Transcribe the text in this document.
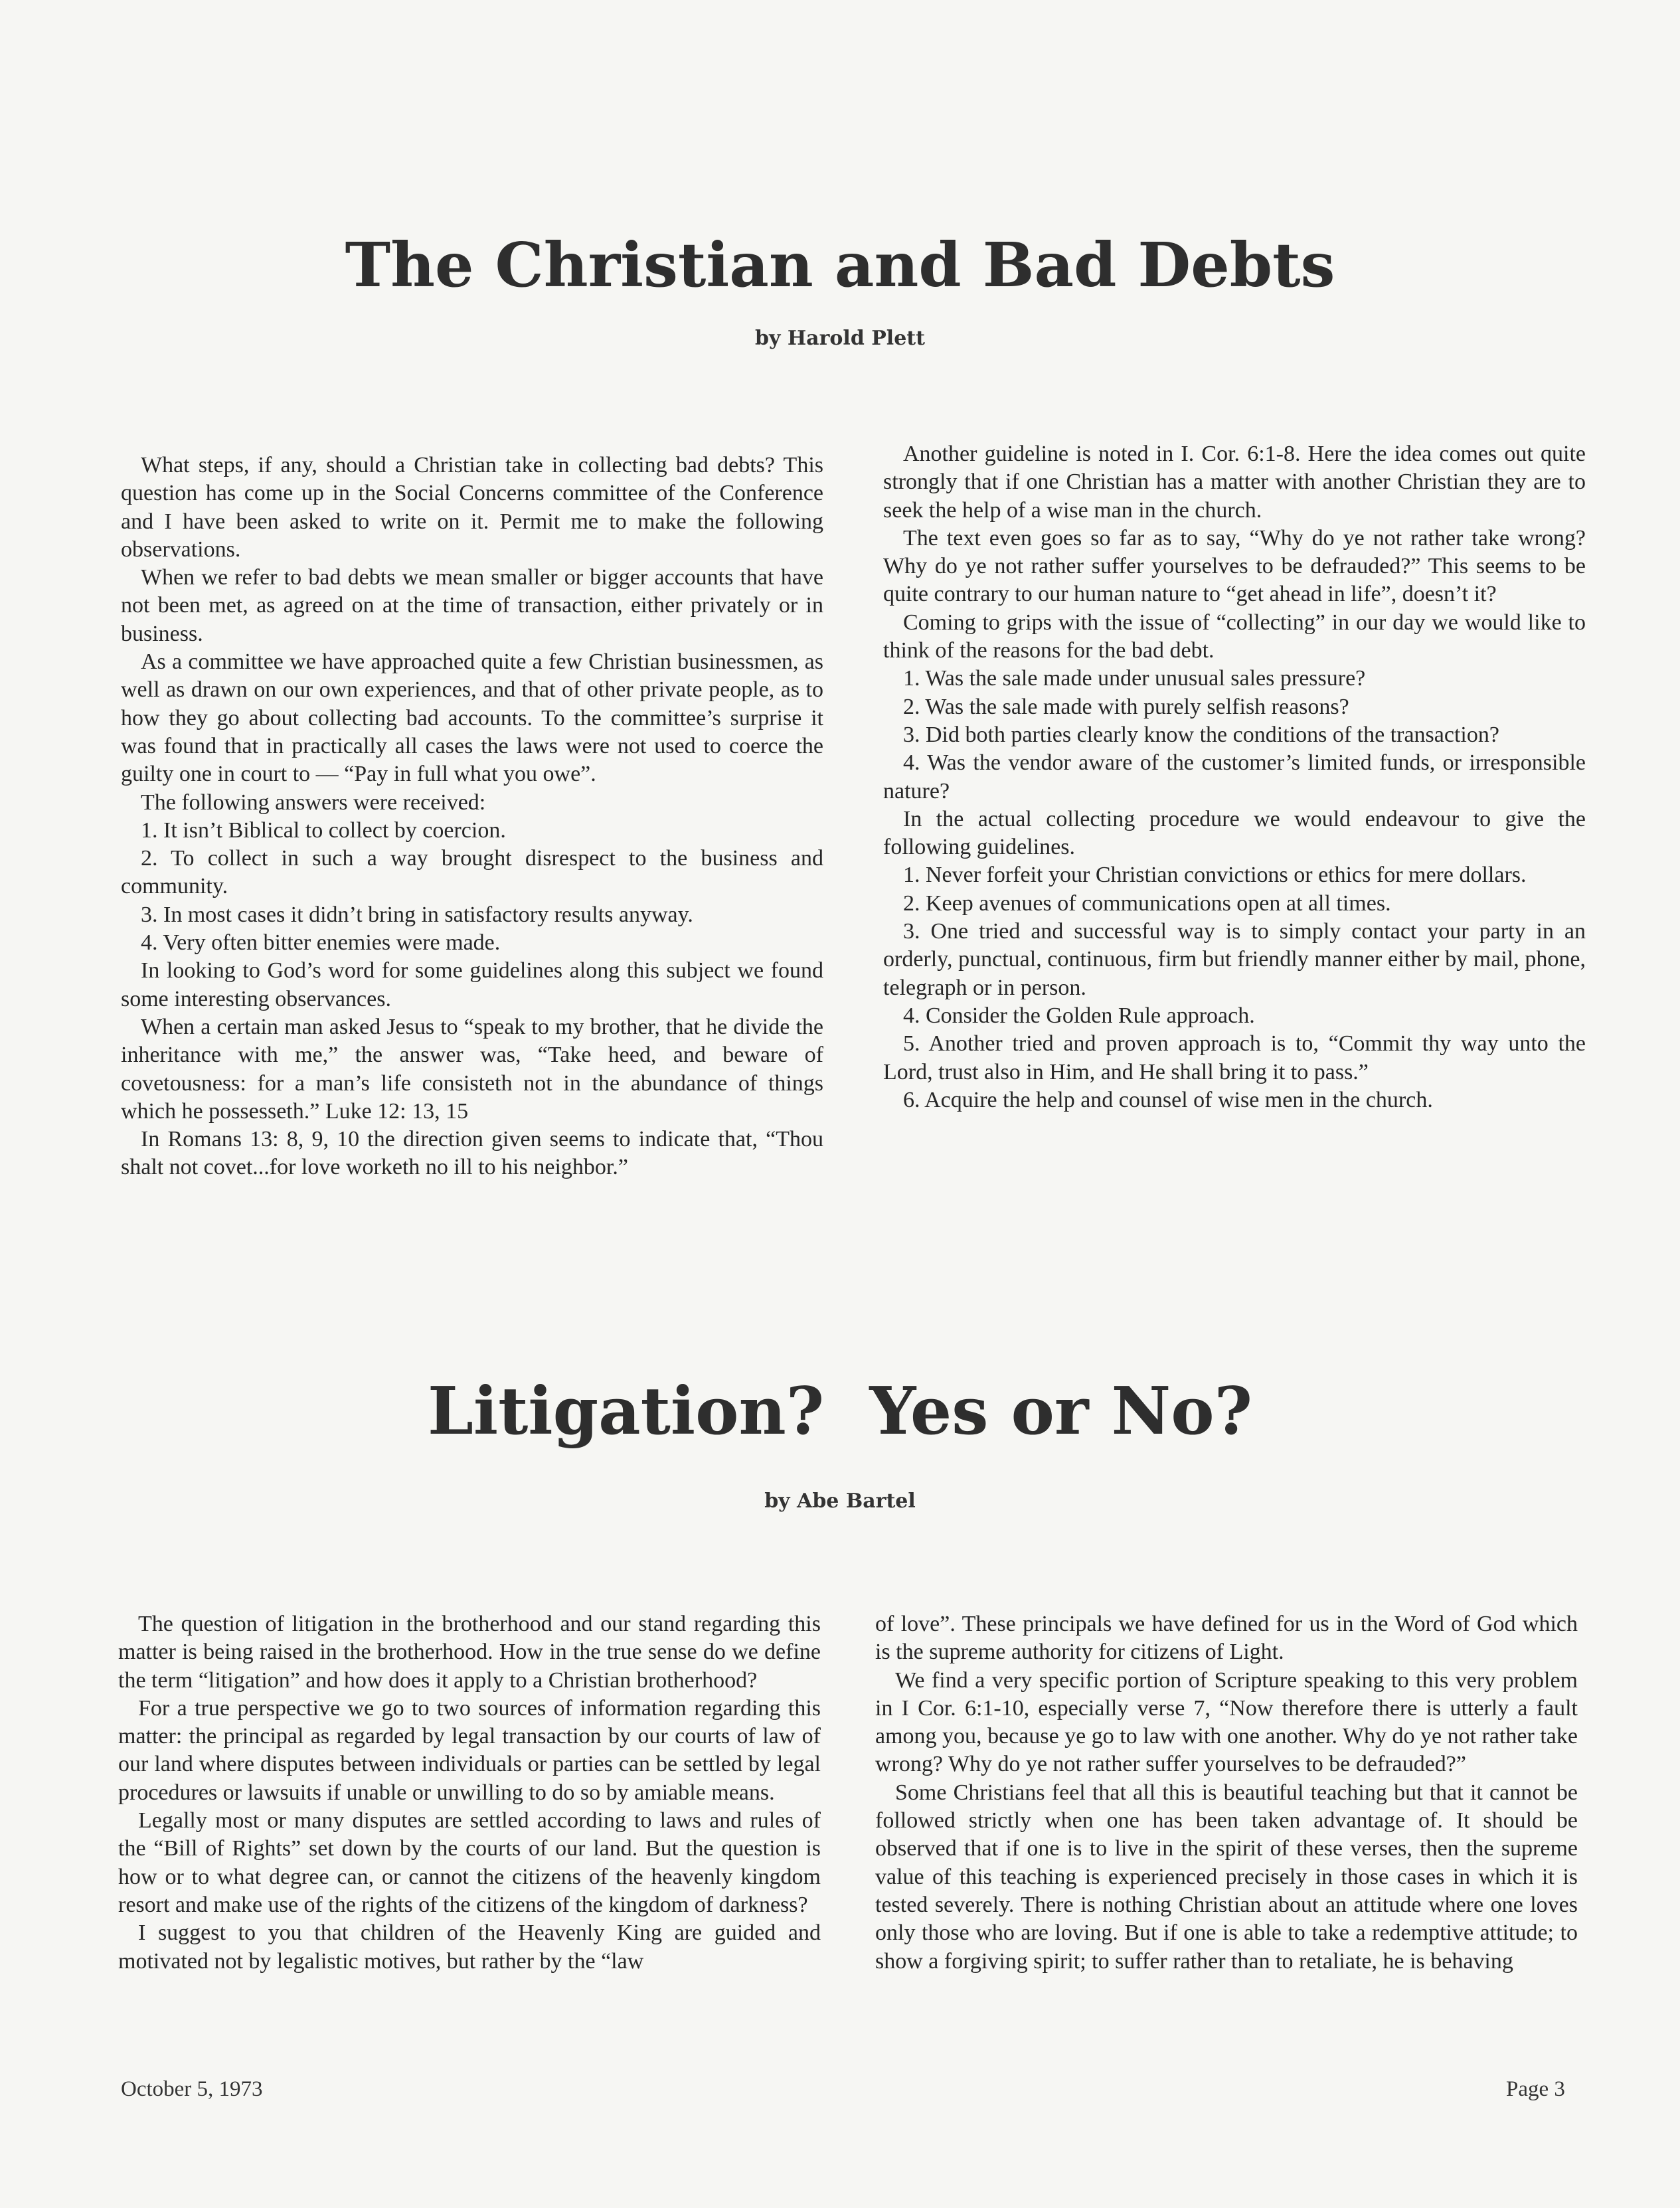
The Christian and Bad Debts
by Harold Plett

What steps, if any, should a Christian take in collecting bad debts? This question has come up in the Social Concerns committee of the Conference and I have been asked to write on it. Permit me to make the following observations.

When we refer to bad debts we mean smaller or bigger accounts that have not been met, as agreed on at the time of transaction, either privately or in business.

As a committee we have approached quite a few Christian businessmen, as well as drawn on our own experiences, and that of other private people, as to how they go about collecting bad accounts. To the committee’s surprise it was found that in practically all cases the laws were not used to coerce the guilty one in court to — “Pay in full what you owe”.

The following answers were received:

1. It isn’t Biblical to collect by coercion.

2. To collect in such a way brought disrespect to the business and community.

3. In most cases it didn’t bring in satisfactory results anyway.

4. Very often bitter enemies were made.

In looking to God’s word for some guidelines along this subject we found some interesting observances.

When a certain man asked Jesus to “speak to my brother, that he divide the inheritance with me,” the answer was, “Take heed, and beware of covetousness: for a man’s life consisteth not in the abundance of things which he possesseth.” Luke 12: 13, 15

In Romans 13: 8, 9, 10 the direction given seems to indicate that, “Thou shalt not covet...for love worketh no ill to his neighbor.”

Another guideline is noted in I. Cor. 6:1-8. Here the idea comes out quite strongly that if one Christian has a matter with another Christian they are to seek the help of a wise man in the church.

The text even goes so far as to say, “Why do ye not rather take wrong? Why do ye not rather suffer yourselves to be defrauded?” This seems to be quite contrary to our human nature to “get ahead in life”, doesn’t it?

Coming to grips with the issue of “collecting” in our day we would like to think of the reasons for the bad debt.

1. Was the sale made under unusual sales pressure?

2. Was the sale made with purely selfish reasons?

3. Did both parties clearly know the conditions of the transaction?

4. Was the vendor aware of the customer’s limited funds, or irresponsible nature?

In the actual collecting procedure we would endeavour to give the following guidelines.

1. Never forfeit your Christian convictions or ethics for mere dollars.

2. Keep avenues of communications open at all times.

3. One tried and successful way is to simply contact your party in an orderly, punctual, continuous, firm but friendly manner either by mail, phone, telegraph or in person.

4. Consider the Golden Rule approach.

5. Another tried and proven approach is to, “Commit thy way unto the Lord, trust also in Him, and He shall bring it to pass.”

6. Acquire the help and counsel of wise men in the church.

Litigation?  Yes or No?
by Abe Bartel

The question of litigation in the brotherhood and our stand regarding this matter is being raised in the brotherhood. How in the true sense do we define the term “litigation” and how does it apply to a Christian brotherhood?

For a true perspective we go to two sources of information regarding this matter: the principal as regarded by legal transaction by our courts of law of our land where disputes between individuals or parties can be settled by legal procedures or lawsuits if unable or unwilling to do so by amiable means.

Legally most or many disputes are settled according to laws and rules of the “Bill of Rights” set down by the courts of our land. But the question is how or to what degree can, or cannot the citizens of the heavenly kingdom resort and make use of the rights of the citizens of the kingdom of darkness?

I suggest to you that children of the Heavenly King are guided and motivated not by legalistic motives, but rather by the “law

of love”. These principals we have defined for us in the Word of God which is the supreme authority for citizens of Light.

We find a very specific portion of Scripture speaking to this very problem in I Cor. 6:1-10, especially verse 7, “Now therefore there is utterly a fault among you, because ye go to law with one another. Why do ye not rather take wrong? Why do ye not rather suffer yourselves to be defrauded?”

Some Christians feel that all this is beautiful teaching but that it cannot be followed strictly when one has been taken advantage of. It should be observed that if one is to live in the spirit of these verses, then the supreme value of this teaching is experienced precisely in those cases in which it is tested severely. There is nothing Christian about an attitude where one loves only those who are loving. But if one is able to take a redemptive attitude; to show a forgiving spirit; to suffer rather than to retaliate, he is behaving

October 5, 1973	Page 3
